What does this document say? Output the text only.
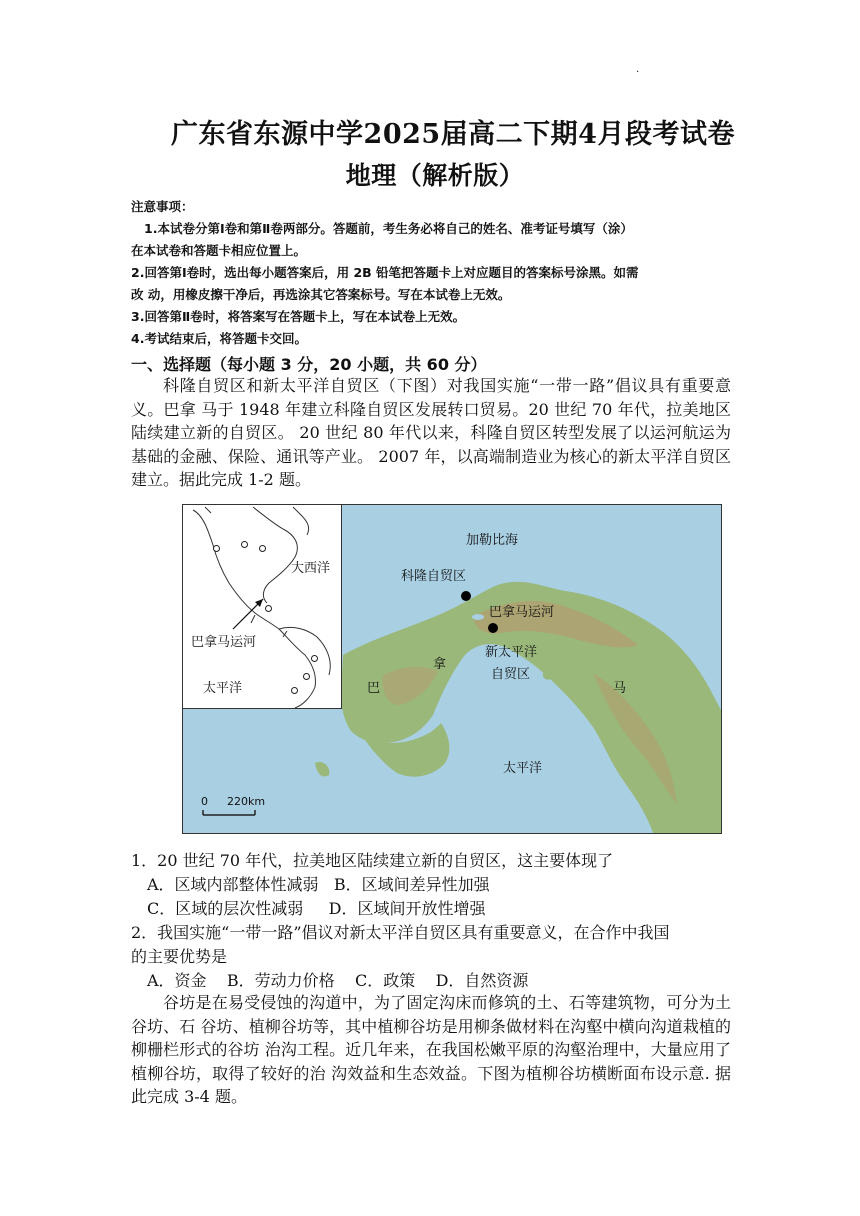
.
广东省东源中学2025届高二下期4月段考试卷
地理（解析版）
注意事项：
1.本试卷分第Ⅰ卷和第Ⅱ卷两部分。答题前，考生务必将自己的姓名、准考证号填写（涂）
在本试卷和答题卡相应位置上。
2.回答第Ⅰ卷时，选出每小题答案后，用 2B 铅笔把答题卡上对应题目的答案标号涂黑。如需
改 动，用橡皮擦干净后，再选涂其它答案标号。写在本试卷上无效。
3.回答第Ⅱ卷时，将答案写在答题卡上，写在本试卷上无效。
4.考试结束后，将答题卡交回。
一、选择题（每小题 3 分，20 小题，共 60 分）
科隆自贸区和新太平洋自贸区（下图）对我国实施“一带一路”倡议具有重要意义。巴拿 马于 1948 年建立科隆自贸区发展转口贸易。20 世纪 70 年代，拉美地区陆续建立新的自贸区。 20 世纪 80 年代以来，科隆自贸区转型发展了以运河航运为基础的金融、保险、通讯等产业。 2007 年，以高端制造业为核心的新太平洋自贸区建立。据此完成 1-2 题。
大西洋
巴拿马运河
太平洋
加勒比海
科隆自贸区
巴拿马运河
新太平洋
自贸区
拿
巴	马
太平洋
0 220km
1．20 世纪 70 年代，拉美地区陆续建立新的自贸区，这主要体现了
A．区域内部整体性减弱   B．区域间差异性加强
C．区域的层次性减弱     D．区域间开放性增强
2．我国实施“一带一路”倡议对新太平洋自贸区具有重要意义，在合作中我国
的主要优势是
A．资金    B．劳动力价格    C．政策    D．自然资源
谷坊是在易受侵蚀的沟道中，为了固定沟床而修筑的土、石等建筑物，可分为土谷坊、石 谷坊、植柳谷坊等，其中植柳谷坊是用柳条做材料在沟壑中横向沟道栽植的柳栅栏形式的谷坊 治沟工程。近几年来，在我国松嫩平原的沟壑治理中，大量应用了植柳谷坊，取得了较好的治 沟效益和生态效益。下图为植柳谷坊横断面布设示意. 据此完成 3-4 题。
